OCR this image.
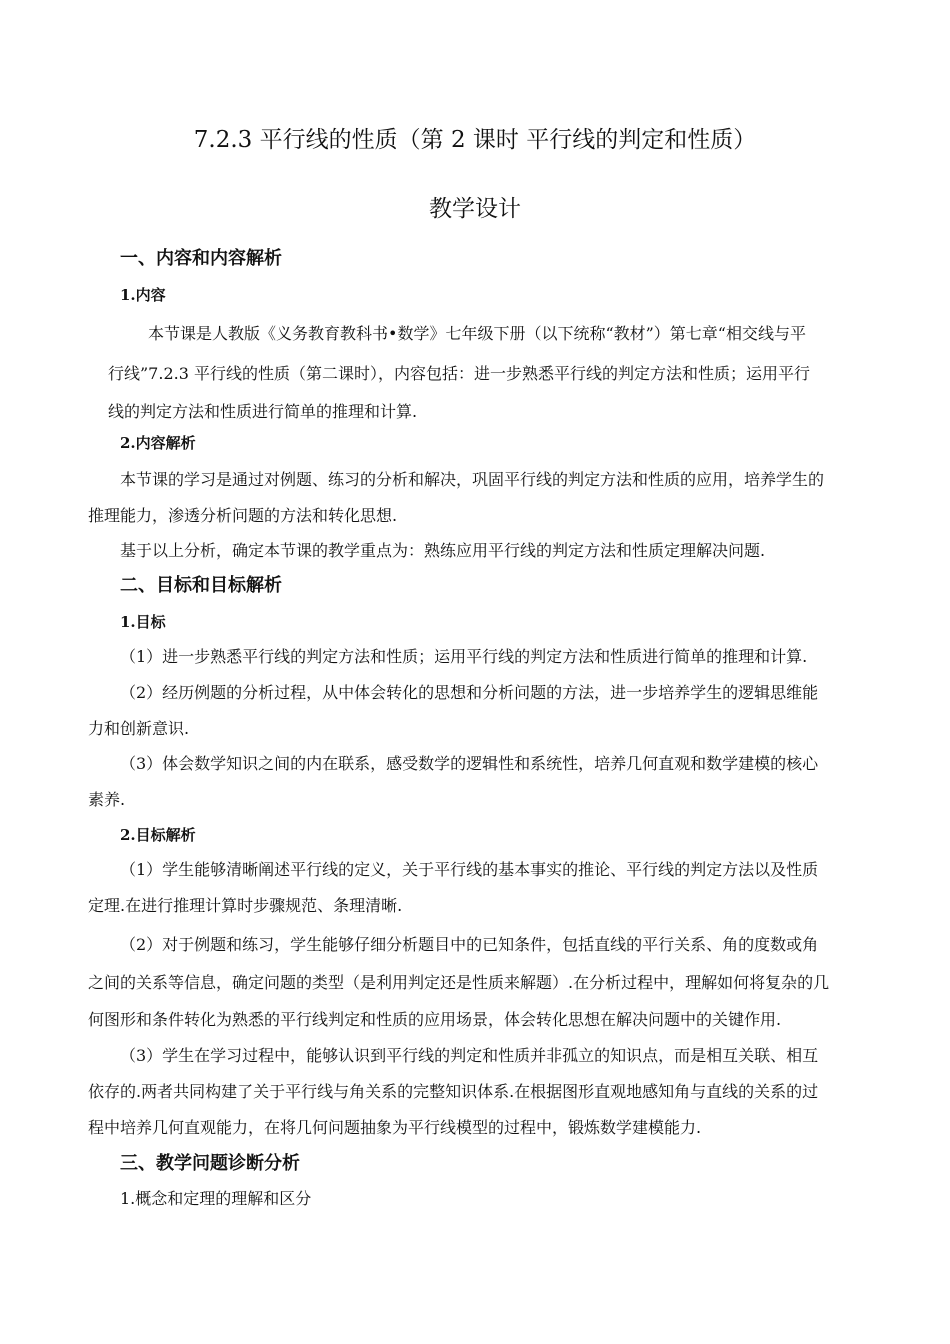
7.2.3 平行线的性质（第 2 课时 平行线的判定和性质）
教学设计
一、内容和内容解析
1.内容
本节课是人教版《义务教育教科书•数学》七年级下册（以下统称“教材”）第七章“相交线与平
行线”7.2.3 平行线的性质（第二课时），内容包括：进一步熟悉平行线的判定方法和性质；运用平行
线的判定方法和性质进行简单的推理和计算.
2.内容解析
本节课的学习是通过对例题、练习的分析和解决，巩固平行线的判定方法和性质的应用，培养学生的
推理能力，渗透分析问题的方法和转化思想.
基于以上分析，确定本节课的教学重点为：熟练应用平行线的判定方法和性质定理解决问题.
二、目标和目标解析
1.目标
（1）进一步熟悉平行线的判定方法和性质；运用平行线的判定方法和性质进行简单的推理和计算.
（2）经历例题的分析过程，从中体会转化的思想和分析问题的方法，进一步培养学生的逻辑思维能
力和创新意识.
（3）体会数学知识之间的内在联系，感受数学的逻辑性和系统性，培养几何直观和数学建模的核心
素养.
2.目标解析
（1）学生能够清晰阐述平行线的定义，关于平行线的基本事实的推论、平行线的判定方法以及性质
定理.在进行推理计算时步骤规范、条理清晰.
（2）对于例题和练习，学生能够仔细分析题目中的已知条件，包括直线的平行关系、角的度数或角
之间的关系等信息，确定问题的类型（是利用判定还是性质来解题）.在分析过程中，理解如何将复杂的几
何图形和条件转化为熟悉的平行线判定和性质的应用场景，体会转化思想在解决问题中的关键作用.
（3）学生在学习过程中，能够认识到平行线的判定和性质并非孤立的知识点，而是相互关联、相互
依存的.两者共同构建了关于平行线与角关系的完整知识体系.在根据图形直观地感知角与直线的关系的过
程中培养几何直观能力，在将几何问题抽象为平行线模型的过程中，锻炼数学建模能力.
三、教学问题诊断分析
1.概念和定理的理解和区分
